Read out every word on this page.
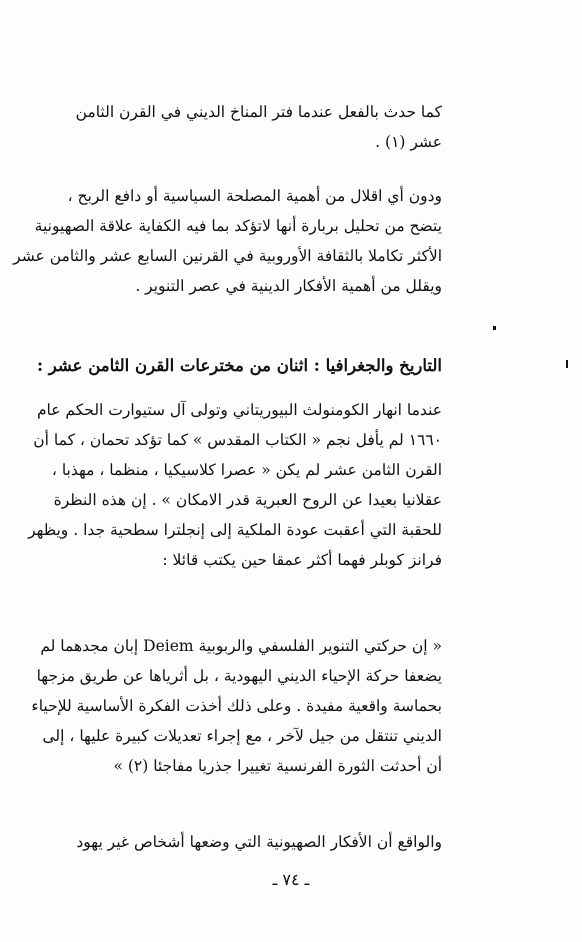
كما حدث بالفعل عندما فتر المناخ الديني في القرن الثامن
عشر (١) .
ودون أي اقلال من أهمية المصلحة السياسية أو دافع الربح ،
يتضح من تحليل بربارة أنها لاتؤكد بما فيه الكفاية علاقة الصهيونية
الأكثر تكاملا بالثقافة الأوروبية في القرنين السابع عشر والثامن عشر
ويقلل من أهمية الأفكار الدينية في عصر التنوير .
التاريخ والجغرافيا : اثنان من مخترعات القرن الثامن عشر :
عندما انهار الكومنولث البيوريتاني وتولى آل ستيوارت الحكم عام
١٦٦٠ لم يأفل نجم « الكتاب المقدس » كما تؤكد تحمان ، كما أن
القرن الثامن عشر لم يكن « عصرا كلاسيكيا ، منظما ، مهذبا ،
عقلانيا بعيدا عن الروح العبرية قدر الامكان » . إن هذه النظرة
للحقبة التي أعقبت عودة الملكية إلى إنجلترا سطحية جدا . ويظهر
فرانز كوبلر فهما أكثر عمقا حين يكتب قائلا :
« إن حركتي التنوير الفلسفي والربوبية Deiem إبان مجدهما لم
يضعفا حركة الإحياء الديني اليهودية ، بل أثرياها عن طريق مزجها
بحماسة واقعية مفيدة . وعلى ذلك أخذت الفكرة الأساسية للإحياء
الديني تنتقل من جيل لآخر ، مع إجراء تعديلات كبيرة عليها ، إلى
أن أحدثت الثورة الفرنسية تغييرا جذريا مفاجئا (٢) »
والواقع أن الأفكار الصهيونية التي وضعها أشخاص غير يهود
ـ ٧٤ ـ
